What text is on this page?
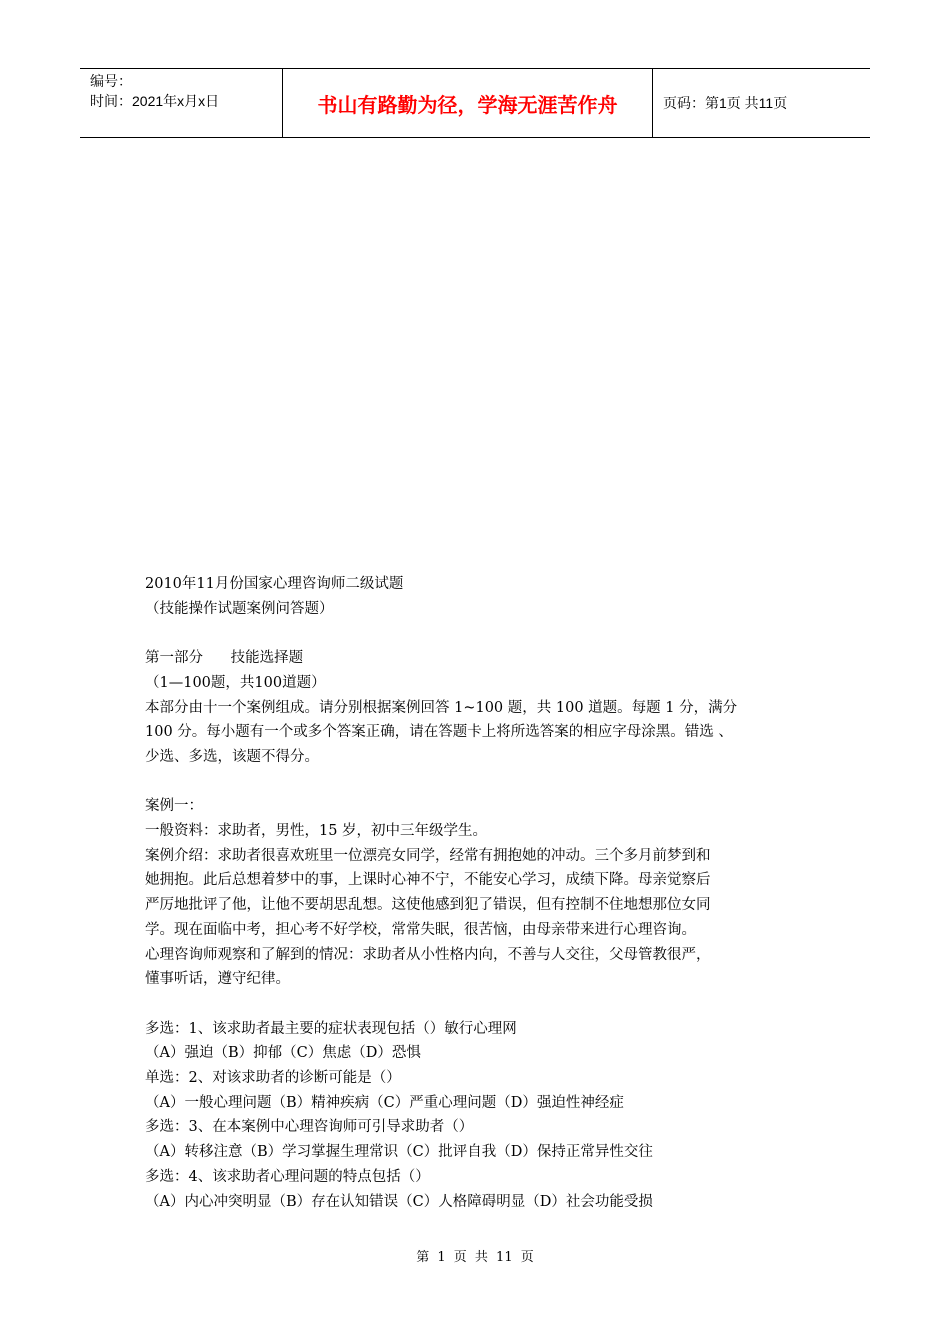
编号：
时间：2021年x月x日	书山有路勤为径，学海无涯苦作舟	页码：第1页 共11页

2010年11月份国家心理咨询师二级试题

（技能操作试题案例问答题）

第一部分      技能选择题

（1—100题，共100道题）

本部分由十一个案例组成。请分别根据案例回答 1~100 题，共 100 道题。每题 1 分，满分

100 分。每小题有一个或多个答案正确，请在答题卡上将所选答案的相应字母涂黑。错选 、

少选、多选，该题不得分。

案例一：

一般资料：求助者，男性，15 岁，初中三年级学生。

案例介绍：求助者很喜欢班里一位漂亮女同学，经常有拥抱她的冲动。三个多月前梦到和

她拥抱。此后总想着梦中的事，上课时心神不宁，不能安心学习，成绩下降。母亲觉察后

严厉地批评了他，让他不要胡思乱想。这使他感到犯了错误，但有控制不住地想那位女同

学。现在面临中考，担心考不好学校，常常失眠，很苦恼，由母亲带来进行心理咨询。

心理咨询师观察和了解到的情况：求助者从小性格内向，不善与人交往，父母管教很严，

懂事听话，遵守纪律。

多选：1、该求助者最主要的症状表现包括（）敏行心理网

（A）强迫（B）抑郁（C）焦虑（D）恐惧

单选：2、对该求助者的诊断可能是（）

（A）一般心理问题（B）精神疾病（C）严重心理问题（D）强迫性神经症

多选：3、在本案例中心理咨询师可引导求助者（）

（A）转移注意（B）学习掌握生理常识（C）批评自我（D）保持正常异性交往

多选：4、该求助者心理问题的特点包括（）

（A）内心冲突明显（B）存在认知错误（C）人格障碍明显（D）社会功能受损

第 1 页 共 11 页
